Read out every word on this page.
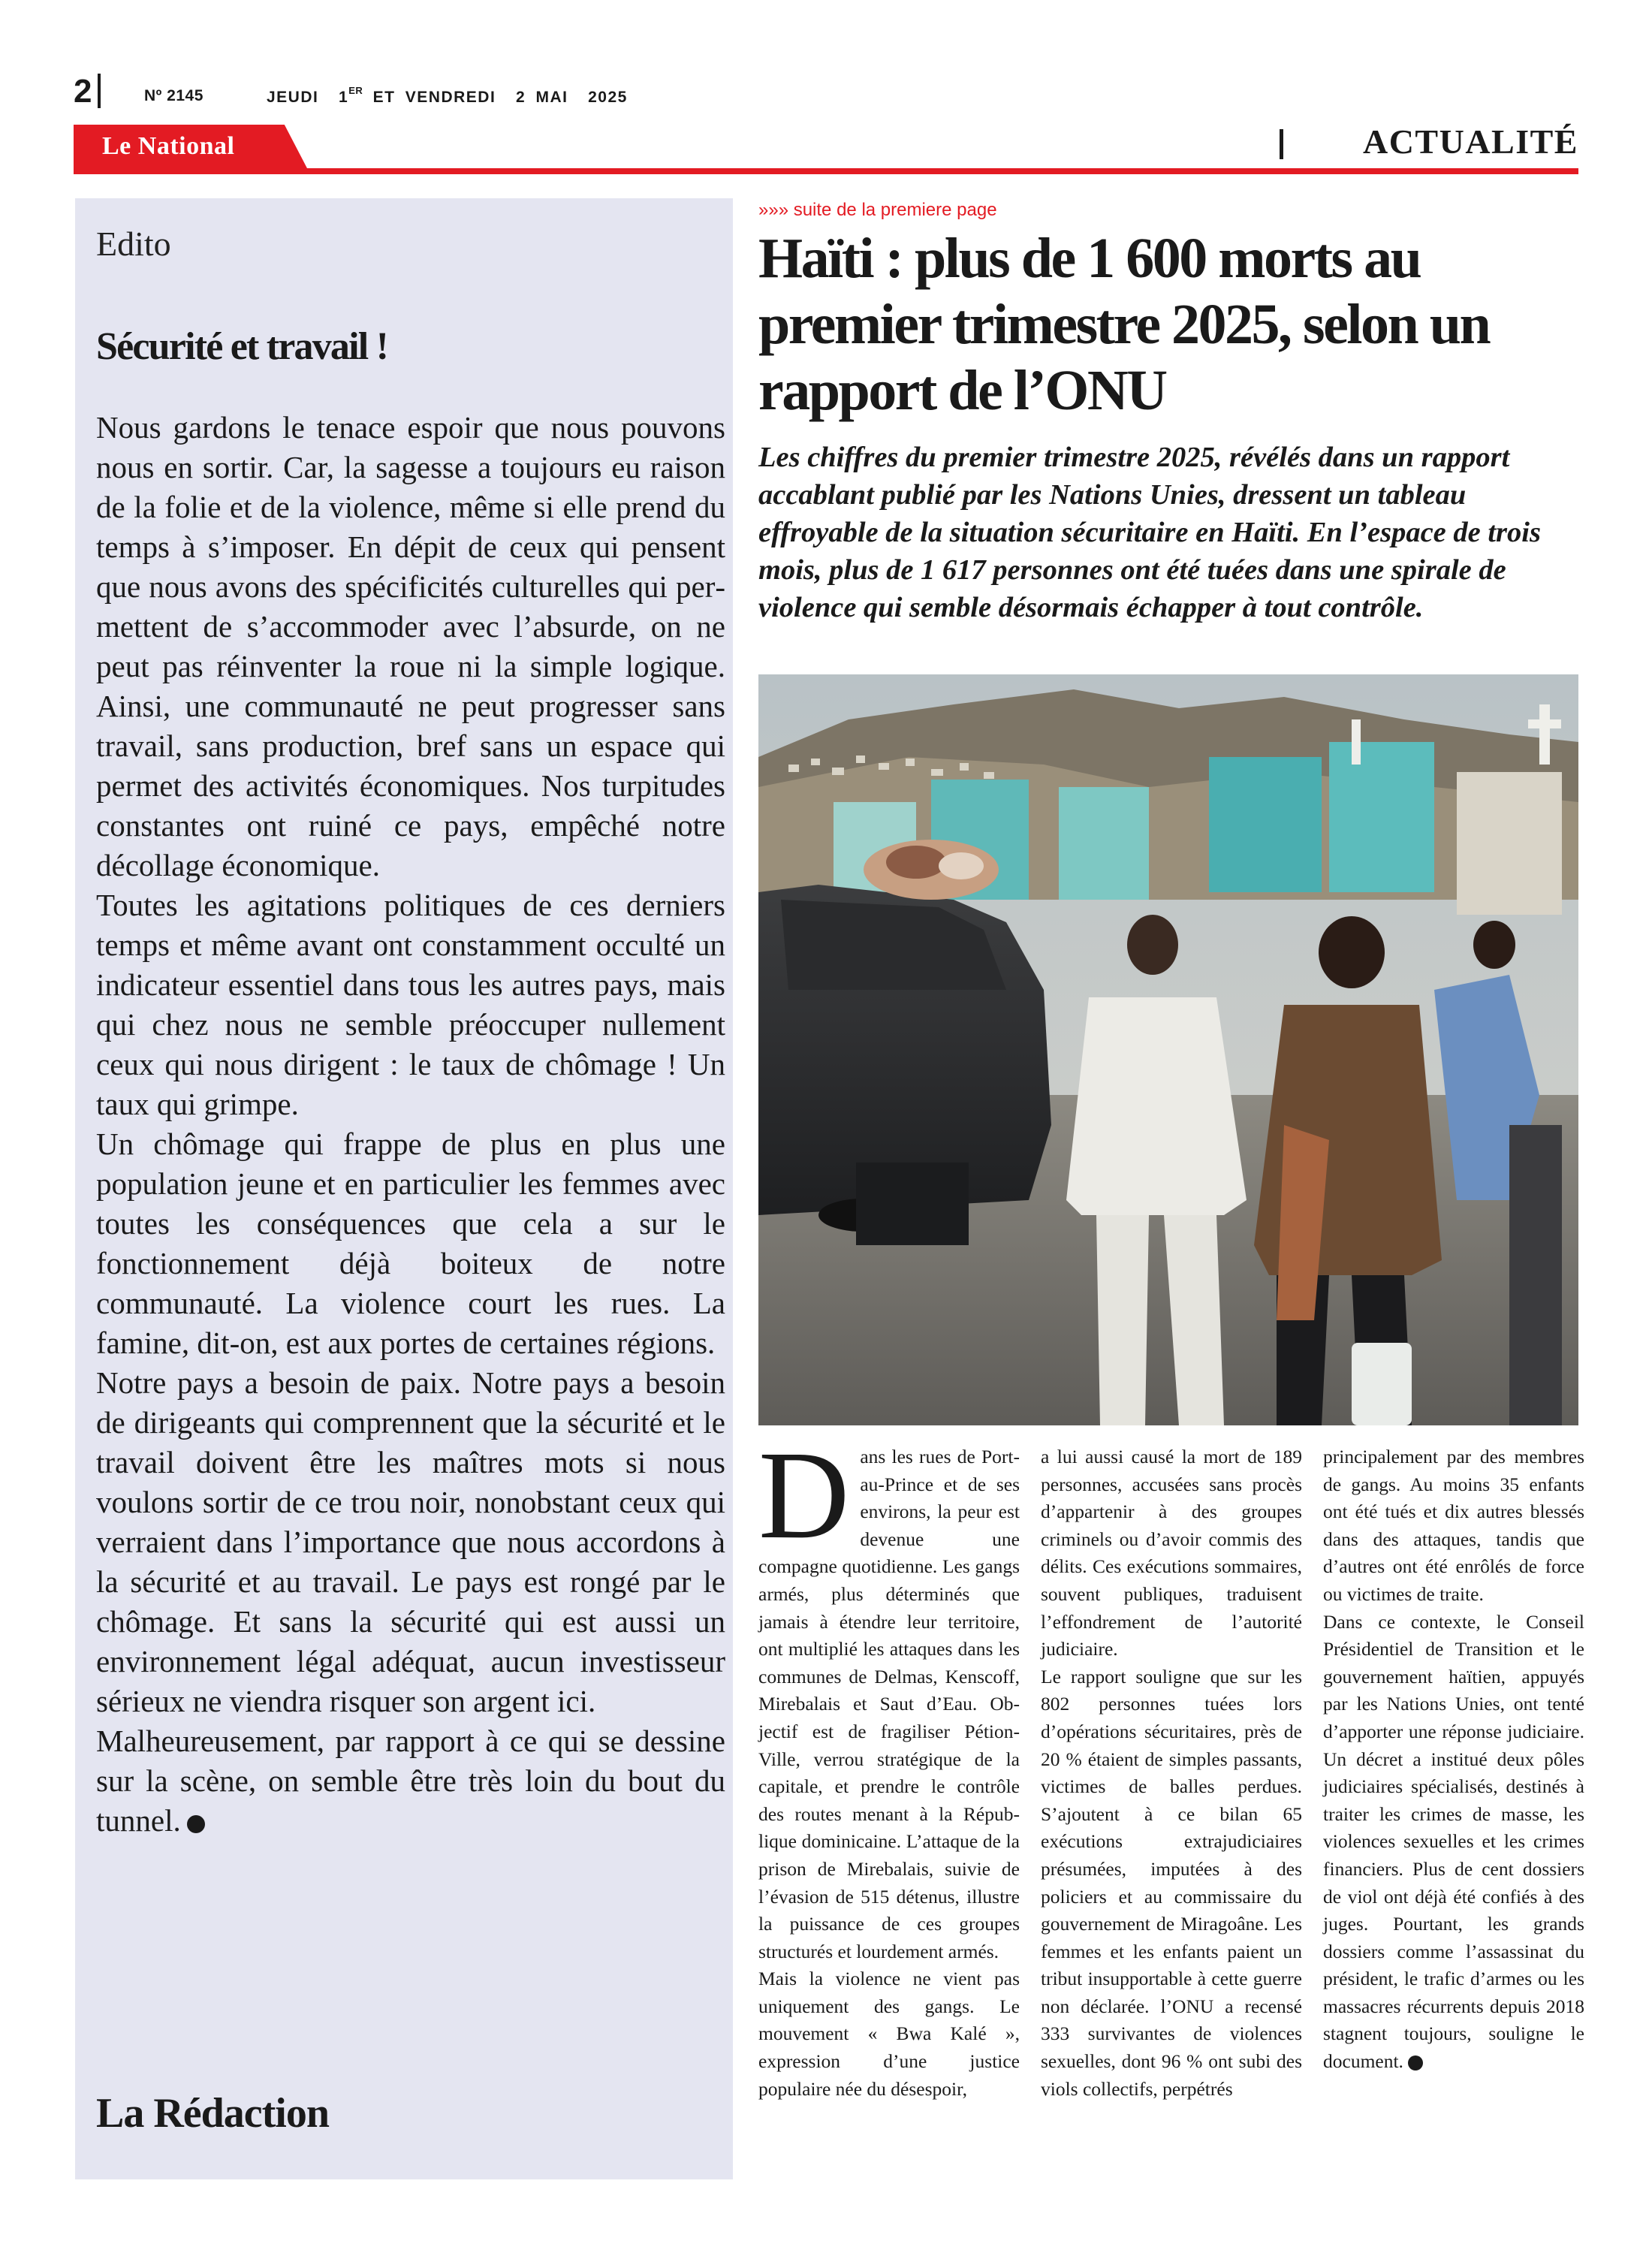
2	Nº 2145	JEUDI  1ER ET VENDREDI  2 MAI  2025
Le National	ACTUALITÉ
Edito
Sécurité et travail !

Nous gardons le tenace espoir que nous pouvons nous en sortir. Car, la sagesse a toujours eu raison de la folie et de la violence, même si elle prend du temps à s’imposer. En dépit de ceux qui pensent que nous avons des spécificités culturelles qui permettent de s’accommoder avec l’absurde, on ne peut pas réinventer la roue ni la simple logique. Ainsi, une communauté ne peut progresser sans travail, sans production, bref sans un espace qui permet des activités économiques. Nos turpitudes constantes ont ruiné ce pays, empêché notre décollage économique.

Toutes les agitations politiques de ces derniers temps et même avant ont constamment occulté un indicateur essentiel dans tous les autres pays, mais qui chez nous ne semble préoccuper nullement ceux qui nous dirigent : le taux de chômage ! Un taux qui grimpe.

Un chômage qui frappe de plus en plus une population jeune et en particulier les femmes avec toutes les conséquences que cela a sur le fonctionnement déjà boiteux de notre communauté. La violence court les rues. La famine, dit-on, est aux portes de certaines régions.

Notre pays a besoin de paix. Notre pays a besoin de dirigeants qui comprennent que la sécurité et le travail doivent être les maîtres mots si nous voulons sortir de ce trou noir, nonobstant ceux qui verraient dans l’importance que nous accordons à la sécurité et au travail. Le pays est rongé par le chômage. Et sans la sécurité qui est aussi un environnement légal adéquat, aucun investisseur sérieux ne viendra risquer son argent ici.

Malheureusement, par rapport à ce qui se dessine sur la scène, on semble être très loin du bout du tunnel.

La Rédaction
»»» suite de la premiere page
Haïti : plus de 1 600 morts au premier trimestre 2025, selon un rapport de l’ONU

Les chiffres du premier trimestre 2025, révélés dans un rapport accablant publié par les Nations Unies, dressent un tableau effroyable de la situation sécuritaire en Haïti. En l’espace de trois mois, plus de 1 617 personnes ont été tuées dans une spirale de violence qui semble désormais échapper à tout contrôle.

Dans les rues de Port-au-Prince et de ses environs, la peur est devenue une compagne quotidienne. Les gangs armés, plus déterminés que jamais à étendre leur territoire, ont multiplié les attaques dans les communes de Delmas, Kenscoff, Mirebalais et Saut d’Eau. Objectif est de fragiliser Pétion-Ville, verrou stratégique de la capitale, et prendre le contrôle des routes menant à la République dominicaine. L’attaque de la prison de Mirebalais, suivie de l’évasion de 515 détenus, illustre la puissance de ces groupes structurés et lourdement armés.

Mais la violence ne vient pas uniquement des gangs. Le mouvement « Bwa Kalé », expression d’une justice populaire née du désespoir,

a lui aussi causé la mort de 189 personnes, accusées sans procès d’appartenir à des groupes criminels ou d’avoir commis des délits. Ces exécutions sommaires, souvent publiques, traduisent l’effondrement de l’autorité judiciaire.

Le rapport souligne que sur les 802 personnes tuées lors d’opérations sécuritaires, près de 20 % étaient de simples passants, victimes de balles perdues. S’ajoutent à ce bilan 65 exécutions extrajudiciaires présumées, imputées à des policiers et au commissaire du gouvernement de Miragoâne. Les femmes et les enfants paient un tribut insupportable à cette guerre non déclarée. l’ONU a recensé 333 survivantes de violences sexuelles, dont 96 % ont subi des viols collectifs, perpétrés

principalement par des membres de gangs. Au moins 35 enfants ont été tués et dix autres blessés dans des attaques, tandis que d’autres ont été enrôlés de force ou victimes de traite.

Dans ce contexte, le Conseil Présidentiel de Transition et le gouvernement haïtien, appuyés par les Nations Unies, ont tenté d’apporter une réponse judiciaire. Un décret a institué deux pôles judiciaires spécialisés, destinés à traiter les crimes de masse, les violences sexuelles et les crimes financiers. Plus de cent dossiers de viol ont déjà été confiés à des juges. Pourtant, les grands dossiers comme l’assassinat du président, le trafic d’armes ou les massacres récurrents depuis 2018 stagnent toujours, souligne le document.
